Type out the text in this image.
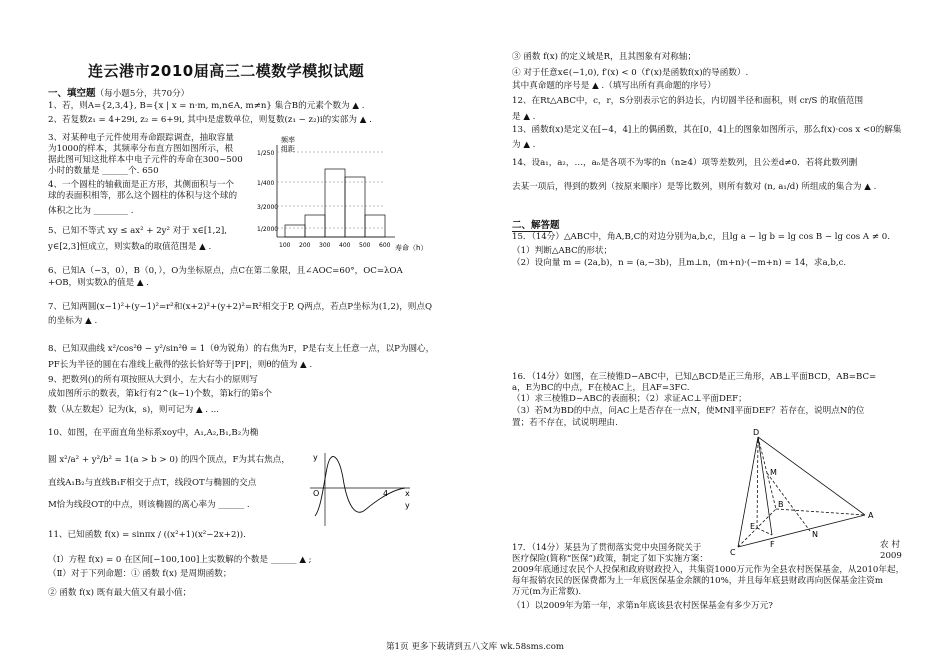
连云港市2010届高三二模数学模拟试题
一、填空题（每小题5分，共70分）
1、若，则A={2,3,4}, B={x | x = n·m, m,n∈A, m≠n} 集合B的元素个数为 ▲ .
2、若复数z₁ = 4+29i, z₂ = 6+9i, 其中i是虚数单位，则复数(z₁ − z₂)i的实部为 ▲ .
3、对某种电子元件使用寿命跟踪调查，抽取容量
为1000的样本，其频率分布直方图如图所示，根
据此图可知这批样本中电子元件的寿命在300~500
小时的数量是 ______个. 650
4、一个圆柱的轴截面是正方形，其侧面积与一个
球的表面积相等，那么这个圆柱的体积与这个球的
体积之比为 ________ .
5、已知不等式 xy ≤ ax² + 2y² 对于 x∈[1,2],
y∈[2,3]恒成立，则实数a的取值范围是 ▲ .
6、已知A（−3，0），B（0，），O为坐标原点，点C在第二象限，且∠AOC=60°，OC=λOA
+OB，则实数λ的值是 ▲ .
7、已知两圆(x−1)²+(y−1)²=r²和(x+2)²+(y+2)²=R²相交于P, Q两点，若点P坐标为(1,2)，则点Q
的坐标为 ▲ .
8、已知双曲线 x²/cos²θ − y²/sin²θ = 1（θ为锐角）的右焦为F，P是右支上任意一点，以P为圆心，
PF长为半径的圆在右准线上截得的弦长恰好等于|PF|，则θ的值为 ▲ .
9、把数列()的所有项按照从大到小，左大右小的原则写
成如图所示的数表，第k行有2^(k−1)个数，第k行的第s个
数（从左数起）记为(k，s)，则可记为 ▲ . ...
10、如图，在平面直角坐标系xoy中，A₁,A₂,B₁,B₂为椭
圆 x²/a² + y²/b² = 1(a > b > 0) 的四个顶点，F为其右焦点，
直线A₁B₂与直线B₁F相交于点T，线段OT与椭圆的交点
M恰为线段OT的中点，则该椭圆的离心率为 ______ .
11、已知函数 f(x) = sinπx / ((x²+1)(x²−2x+2)).
（Ⅰ）方程 f(x) = 0 在区间[−100,100]上实数解的个数是 ______ ▲ ;
（Ⅱ）对于下列命题：① 函数 f(x) 是周期函数；
② 函数 f(x) 既有最大值又有最小值；
频率
组距
1/250
1/400
3/2000
1/2000
100 200 300 400 500 600 寿命（h）
y
O	4 x
y
③ 函数 f(x) 的定义域是R，且其图象有对称轴；
④ 对于任意x∈(−1,0), f′(x) < 0（f′(x)是函数f(x)的导函数）.
其中真命题的序号是 ▲ .（填写出所有真命题的序号）
12、在Rt△ABC中，c，r，S分别表示它的斜边长，内切圆半径和面积，则 cr/S 的取值范围
是 ▲ .
13、函数f(x)是定义在[−4，4]上的偶函数，其在[0，4]上的图象如图所示，那么f(x)·cos x <0的解集
为 ▲ .
14、设a₁，a₂，…，aₙ是各项不为零的n（n≥4）项等差数列，且公差d≠0．若将此数列删
去某一项后，得到的数列（按原来顺序）是等比数列，则所有数对 (n, a₁/d) 所组成的集合为 ▲ .
15．（14分）△ABC中，角A,B,C的对边分别为a,b,c，且lg a − lg b = lg cos B − lg cos A ≠ 0.
（1）判断△ABC的形状；
（2）设向量 m = (2a,b)，n = (a,−3b)，且m⊥n，(m+n)·(−m+n) = 14，求a,b,c.
16．（14分）如图，在三棱锥D−ABC中，已知△BCD是正三角形，AB⊥平面BCD，AB=BC=
a，E为BC的中点，F在棱AC上，且AF=3FC.
（1）求三棱锥D−ABC的表面积；（2）求证AC⊥平面DEF；
（3）若M为BD的中点，问AC上是否存在一点N，使MN∥平面DEF？若存在，说明点N的位
置；若不存在，试说明理由.
17．（14分）某县为了贯彻落实党中央国务院关于
医疗保险(简称“医保”)政策，制定了如下实施方案：
2009年底通过农民个人投保和政府财政投入，共集资1000万元作为全县农村医保基金，从2010年起，
每年报销农民的医保费都为上一年底医保基金余额的10%，并且每年底县财政再向医保基金注资m
万元(m为正常数).
（1）以2009年为第一年，求第n年底该县农村医保基金有多少万元?
二、解答题
D
M
B
E
N
A
C
F	农 村
2009
第1页 更多下载请到五八文库 wk.58sms.com
